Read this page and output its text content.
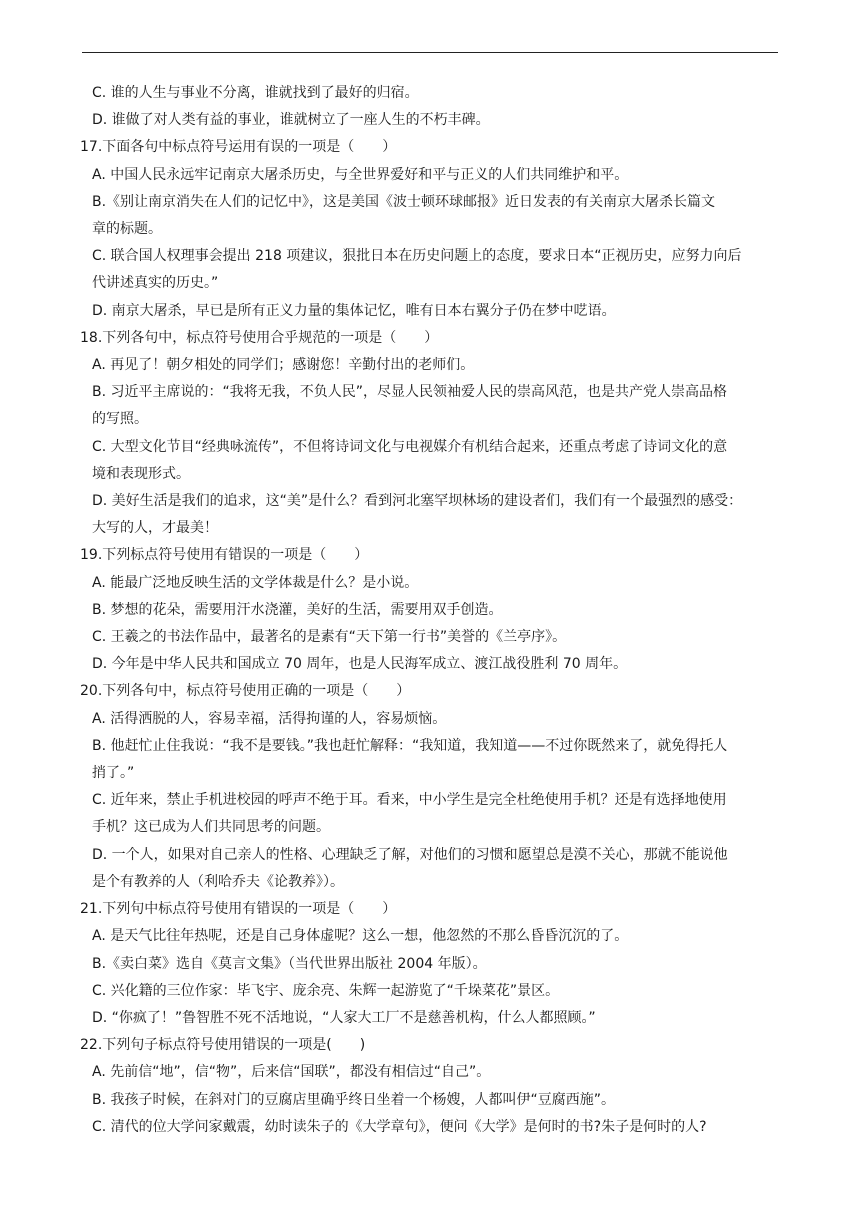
C. 谁的人生与事业不分离，谁就找到了最好的归宿。
D. 谁做了对人类有益的事业，谁就树立了一座人生的不朽丰碑。
17.下面各句中标点符号运用有误的一项是（　　）
A. 中国人民永远牢记南京大屠杀历史，与全世界爱好和平与正义的人们共同维护和平。
B.《别让南京消失在人们的记忆中》，这是美国《波士顿环球邮报》近日发表的有关南京大屠杀长篇文
章的标题。
C. 联合国人权理事会提出 218 项建议，狠批日本在历史问题上的态度，要求日本“正视历史，应努力向后
代讲述真实的历史。”
D. 南京大屠杀，早已是所有正义力量的集体记忆，唯有日本右翼分子仍在梦中呓语。
18.下列各句中，标点符号使用合乎规范的一项是（　　）
A. 再见了！朝夕相处的同学们；感谢您！辛勤付出的老师们。
B. 习近平主席说的：“我将无我，不负人民”，尽显人民领袖爱人民的崇高风范，也是共产党人崇高品格
的写照。
C. 大型文化节目“经典咏流传”，不但将诗词文化与电视媒介有机结合起来，还重点考虑了诗词文化的意
境和表现形式。
D. 美好生活是我们的追求，这“美”是什么？看到河北塞罕坝林场的建设者们，我们有一个最强烈的感受：
大写的人，才最美！
19.下列标点符号使用有错误的一项是（　　）
A. 能最广泛地反映生活的文学体裁是什么？是小说。
B. 梦想的花朵，需要用汗水浇灌，美好的生活，需要用双手创造。
C. 王羲之的书法作品中，最著名的是素有“天下第一行书”美誉的《兰亭序》。
D. 今年是中华人民共和国成立 70 周年，也是人民海军成立、渡江战役胜利 70 周年。
20.下列各句中，标点符号使用正确的一项是（　　）
A. 活得洒脱的人，容易幸福，活得拘谨的人，容易烦恼。
B. 他赶忙止住我说：“我不是要钱。”我也赶忙解释：“我知道，我知道——不过你既然来了，就免得托人
捎了。”
C. 近年来，禁止手机进校园的呼声不绝于耳。看来，中小学生是完全杜绝使用手机？还是有选择地使用
手机？这已成为人们共同思考的问题。
D. 一个人，如果对自己亲人的性格、心理缺乏了解，对他们的习惯和愿望总是漠不关心，那就不能说他
是个有教养的人（利哈乔夫《论教养》）。
21.下列句中标点符号使用有错误的一项是（　　）
A. 是天气比往年热呢，还是自己身体虚呢？这么一想，他忽然的不那么昏昏沉沉的了。
B.《卖白菜》选自《莫言文集》（当代世界出版社 2004 年版）。
C. 兴化籍的三位作家：毕飞宇、庞余亮、朱辉一起游览了“千垛菜花”景区。
D. “你疯了！”鲁智胜不死不活地说，“人家大工厂不是慈善机构，什么人都照顾。”
22.下列句子标点符号使用错误的一项是(　　)
A. 先前信“地”，信“物”，后来信“国联”，都没有相信过“自己”。
B. 我孩子时候，在斜对门的豆腐店里确乎终日坐着一个杨嫂，人都叫伊“豆腐西施”。
C. 清代的位大学问家戴震，幼时读朱子的《大学章句》，便问《大学》是何时的书?朱子是何时的人?
